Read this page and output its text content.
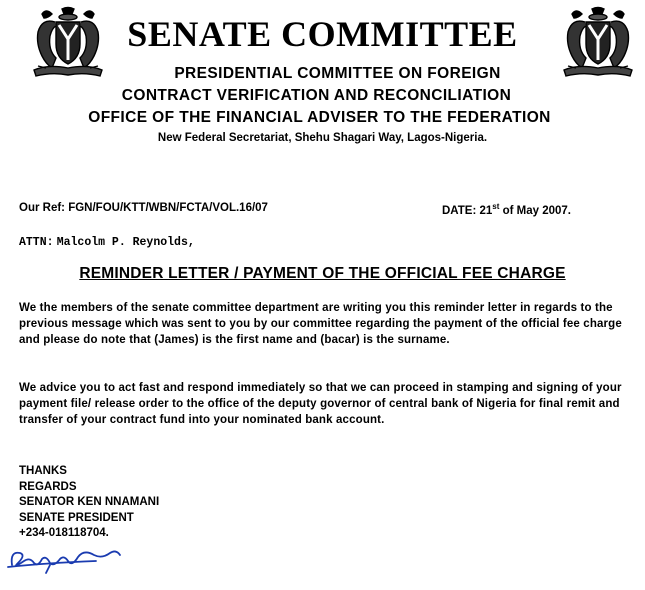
SENATE COMMITTEE

PRESIDENTIAL COMMITTEE ON FOREIGN

CONTRACT VERIFICATION AND RECONCILIATION

OFFICE OF THE FINANCIAL ADVISER TO THE FEDERATION

New Federal Secretariat, Shehu Shagari Way, Lagos-Nigeria.

Our Ref: FGN/FOU/KTT/WBN/FCTA/VOL.16/07	DATE: 21st of May 2007.
ATTN: Malcolm P. Reynolds,
REMINDER LETTER / PAYMENT OF THE OFFICIAL FEE CHARGE

We the members of the senate committee department are writing you this reminder letter in regards to the previous message which was sent to you by our committee regarding the payment of the official fee charge and please do note that (James) is the first name and (bacar) is the surname.

We advice you to act fast and respond immediately so that we can proceed in stamping and signing of your payment file/ release order to the office of the deputy governor of central bank of Nigeria for final remit and transfer of your contract fund into your nominated bank account.

THANKS
REGARDS
SENATOR KEN NNAMANI
SENATE PRESIDENT
+234-018118704.
